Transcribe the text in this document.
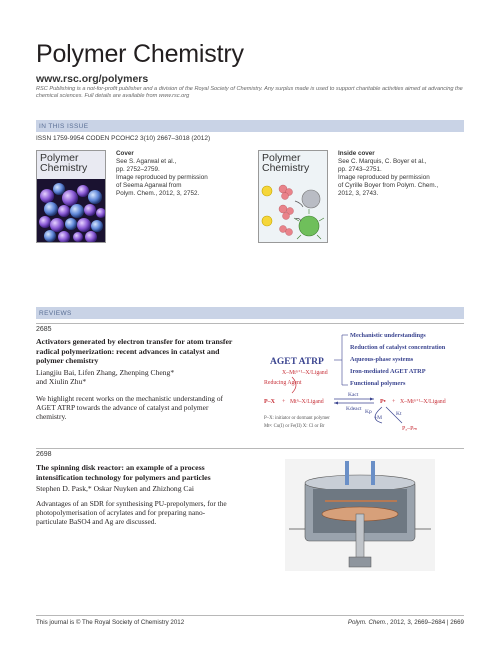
Polymer Chemistry
www.rsc.org/polymers
RSC Publishing is a not-for-profit publisher and a division of the Royal Society of Chemistry. Any surplus made is used to support charitable activities aimed at advancing the chemical sciences. Full details are available from www.rsc.org
IN THIS ISSUE
ISSN 1759-9954 CODEN PCOHC2 3(10) 2667–3018 (2012)
Polymer Chemistry
Cover
See S. Agarwal et al.,
pp. 2752–2759.
Image reproduced by permission
of Seema Agarwal from
Polym. Chem., 2012, 3, 2752.
Polymer Chemistry
Inside cover
See C. Marquis, C. Boyer et al.,
pp. 2743–2751.
Image reproduced by permission
of Cyrille Boyer from Polym. Chem.,
2012, 3, 2743.
REVIEWS
2685
Activators generated by electron transfer for atom transfer
radical polymerization: recent advances in catalyst and
polymer chemistry
Liangjiu Bai, Lifen Zhang, Zhenping Cheng*
and Xiulin Zhu*
We highlight recent works on the mechanistic understanding of
AGET ATRP towards the advance of catalyst and polymer
chemistry.
Mechanistic understandings
Reduction of catalyst concentration
Aqueous-phase systems
Iron-mediated AGET ATRP
Functional polymers
AGET ATRP
X–Mtⁿ⁺¹–X/Ligand
Reducing Agent
P–X + Mtⁿ–X/Ligand
Kact
Kdeact
P• + X–Mtⁿ⁺¹–X/Ligand
Kp
+M
Kt
Pₓ–Pₘ
P–X: initiator or dormant polymer
Mtⁿ: Cu(I) or Fe(II) X: Cl or Br
2698
The spinning disk reactor: an example of a process
intensification technology for polymers and particles
Stephen D. Pask,* Oskar Nuyken and Zhizhong Cai
Advantages of an SDR for synthesising PU-prepolymers, for the
photopolymerisation of acrylates and for preparing nano-
particulate BaSO4 and Ag are discussed.
This journal is © The Royal Society of Chemistry 2012	Polym. Chem., 2012, 3, 2669–2684 | 2669
